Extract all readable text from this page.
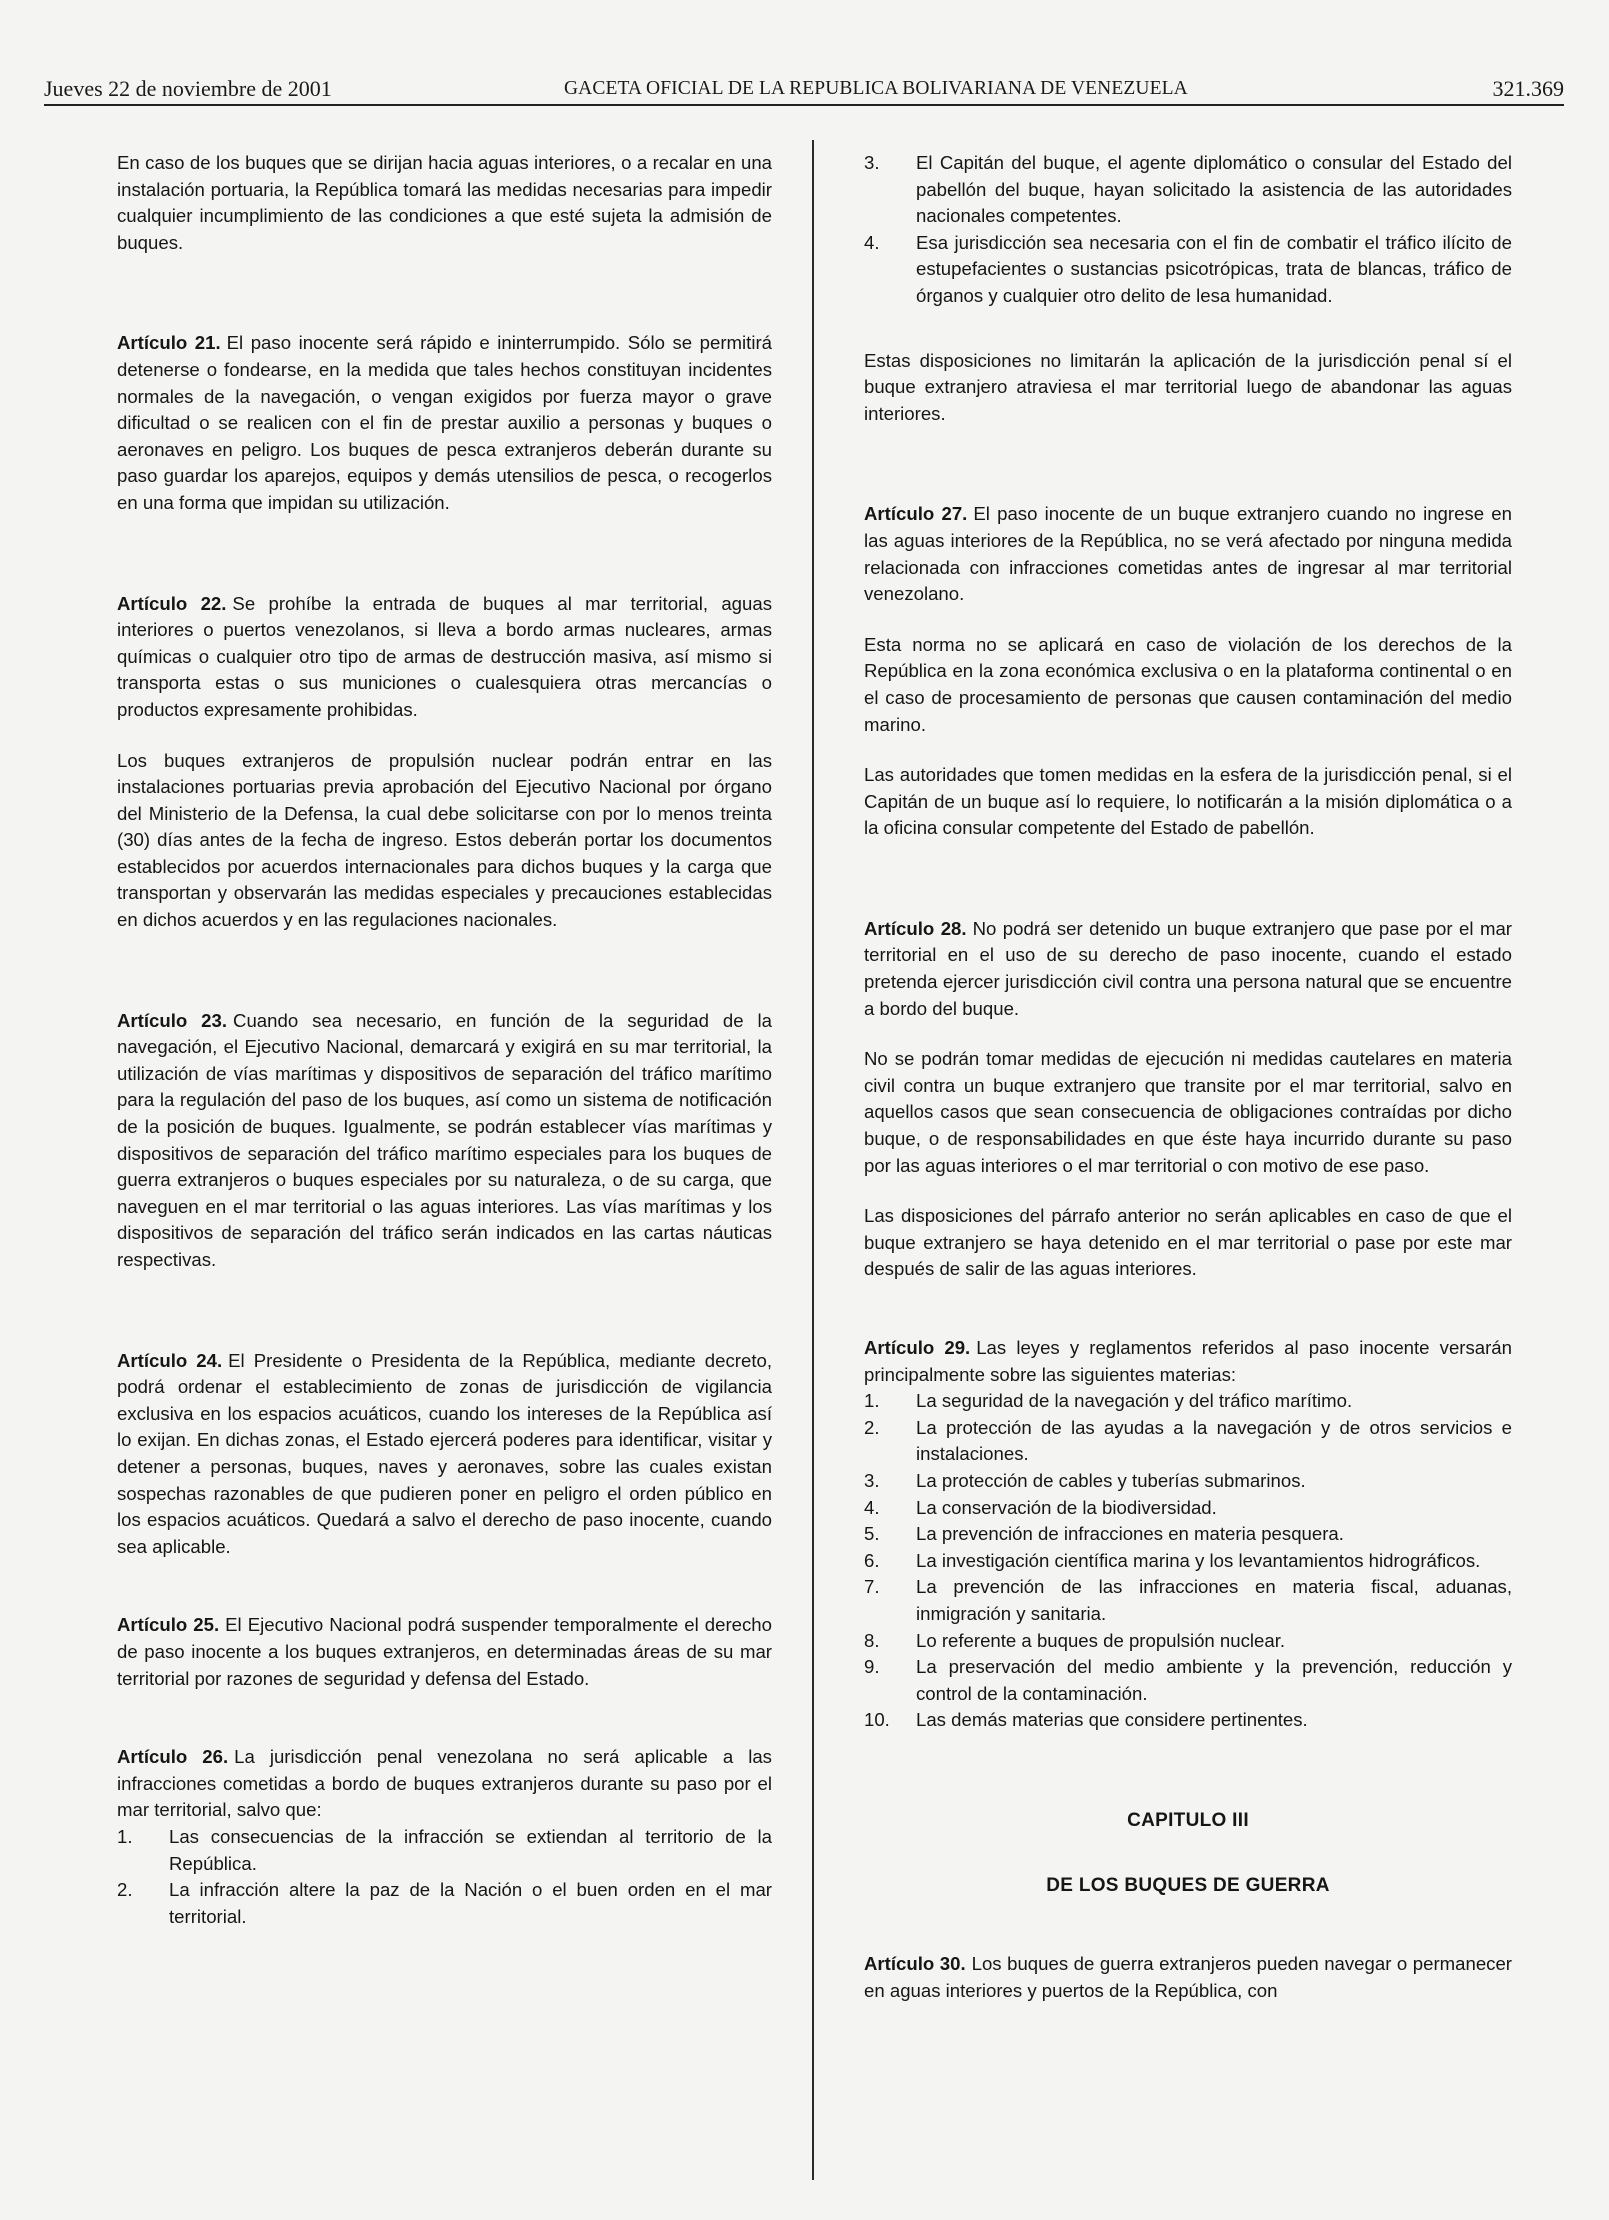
Jueves 22 de noviembre de 2001	GACETA OFICIAL DE LA REPUBLICA BOLIVARIANA DE VENEZUELA	321.369

En caso de los buques que se dirijan hacia aguas interiores, o a recalar en una instalación portuaria, la República tomará las medidas necesarias para impedir cualquier incumplimiento de las condiciones a que esté sujeta la admisión de buques.

Artículo 21. El paso inocente será rápido e ininterrumpido. Sólo se permitirá detenerse o fondearse, en la medida que tales hechos constituyan incidentes normales de la navegación, o vengan exigidos por fuerza mayor o grave dificultad o se realicen con el fin de prestar auxilio a personas y buques o aeronaves en peligro. Los buques de pesca extranjeros deberán durante su paso guardar los aparejos, equipos y demás utensilios de pesca, o recogerlos en una forma que impidan su utilización.

Artículo 22. Se prohíbe la entrada de buques al mar territorial, aguas interiores o puertos venezolanos, si lleva a bordo armas nucleares, armas químicas o cualquier otro tipo de armas de destrucción masiva, así mismo si transporta estas o sus municiones o cualesquiera otras mercancías o productos expresamente prohibidas.

Los buques extranjeros de propulsión nuclear podrán entrar en las instalaciones portuarias previa aprobación del Ejecutivo Nacional por órgano del Ministerio de la Defensa, la cual debe solicitarse con por lo menos treinta (30) días antes de la fecha de ingreso. Estos deberán portar los documentos establecidos por acuerdos internacionales para dichos buques y la carga que transportan y observarán las medidas especiales y precauciones establecidas en dichos acuerdos y en las regulaciones nacionales.

Artículo 23. Cuando sea necesario, en función de la seguridad de la navegación, el Ejecutivo Nacional, demarcará y exigirá en su mar territorial, la utilización de vías marítimas y dispositivos de separación del tráfico marítimo para la regulación del paso de los buques, así como un sistema de notificación de la posición de buques. Igualmente, se podrán establecer vías marítimas y dispositivos de separación del tráfico marítimo especiales para los buques de guerra extranjeros o buques especiales por su naturaleza, o de su carga, que naveguen en el mar territorial o las aguas interiores. Las vías marítimas y los dispositivos de separación del tráfico serán indicados en las cartas náuticas respectivas.

Artículo 24. El Presidente o Presidenta de la República, mediante decreto, podrá ordenar el establecimiento de zonas de jurisdicción de vigilancia exclusiva en los espacios acuáticos, cuando los intereses de la República así lo exijan. En dichas zonas, el Estado ejercerá poderes para identificar, visitar y detener a personas, buques, naves y aeronaves, sobre las cuales existan sospechas razonables de que pudieren poner en peligro el orden público en los espacios acuáticos. Quedará a salvo el derecho de paso inocente, cuando sea aplicable.

Artículo 25. El Ejecutivo Nacional podrá suspender temporalmente el derecho de paso inocente a los buques extranjeros, en determinadas áreas de su mar territorial por razones de seguridad y defensa del Estado.

Artículo 26. La jurisdicción penal venezolana no será aplicable a las infracciones cometidas a bordo de buques extranjeros durante su paso por el mar territorial, salvo que:

1. Las consecuencias de la infracción se extiendan al territorio de la República.
2. La infracción altere la paz de la Nación o el buen orden en el mar territorial.
3. El Capitán del buque, el agente diplomático o consular del Estado del pabellón del buque, hayan solicitado la asistencia de las autoridades nacionales competentes.
4. Esa jurisdicción sea necesaria con el fin de combatir el tráfico ilícito de estupefacientes o sustancias psicotrópicas, trata de blancas, tráfico de órganos y cualquier otro delito de lesa humanidad.

Estas disposiciones no limitarán la aplicación de la jurisdicción penal sí el buque extranjero atraviesa el mar territorial luego de abandonar las aguas interiores.

Artículo 27. El paso inocente de un buque extranjero cuando no ingrese en las aguas interiores de la República, no se verá afectado por ninguna medida relacionada con infracciones cometidas antes de ingresar al mar territorial venezolano.

Esta norma no se aplicará en caso de violación de los derechos de la República en la zona económica exclusiva o en la plataforma continental o en el caso de procesamiento de personas que causen contaminación del medio marino.

Las autoridades que tomen medidas en la esfera de la jurisdicción penal, si el Capitán de un buque así lo requiere, lo notificarán a la misión diplomática o a la oficina consular competente del Estado de pabellón.

Artículo 28. No podrá ser detenido un buque extranjero que pase por el mar territorial en el uso de su derecho de paso inocente, cuando el estado pretenda ejercer jurisdicción civil contra una persona natural que se encuentre a bordo del buque.

No se podrán tomar medidas de ejecución ni medidas cautelares en materia civil contra un buque extranjero que transite por el mar territorial, salvo en aquellos casos que sean consecuencia de obligaciones contraídas por dicho buque, o de responsabilidades en que éste haya incurrido durante su paso por las aguas interiores o el mar territorial o con motivo de ese paso.

Las disposiciones del párrafo anterior no serán aplicables en caso de que el buque extranjero se haya detenido en el mar territorial o pase por este mar después de salir de las aguas interiores.

Artículo 29. Las leyes y reglamentos referidos al paso inocente versarán principalmente sobre las siguientes materias:

1. La seguridad de la navegación y del tráfico marítimo.
2. La protección de las ayudas a la navegación y de otros servicios e instalaciones.
3. La protección de cables y tuberías submarinos.
4. La conservación de la biodiversidad.
5. La prevención de infracciones en materia pesquera.
6. La investigación científica marina y los levantamientos hidrográficos.
7. La prevención de las infracciones en materia fiscal, aduanas, inmigración y sanitaria.
8. Lo referente a buques de propulsión nuclear.
9. La preservación del medio ambiente y la prevención, reducción y control de la contaminación.
10. Las demás materias que considere pertinentes.

CAPITULO III

DE LOS BUQUES DE GUERRA

Artículo 30. Los buques de guerra extranjeros pueden navegar o permanecer en aguas interiores y puertos de la República, con
